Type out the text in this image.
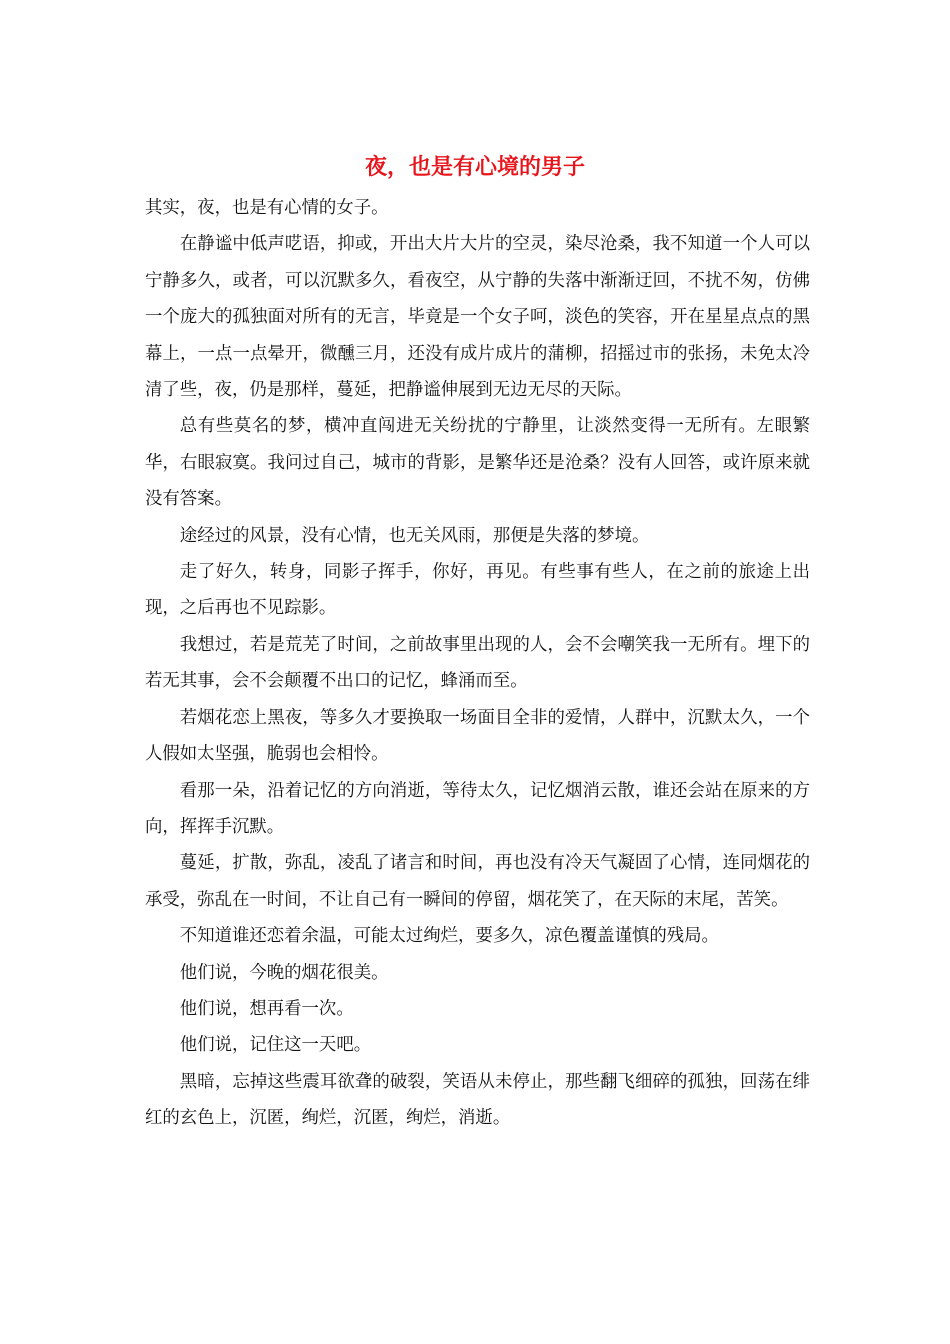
夜，也是有心境的男子

其实，夜，也是有心情的女子。

在静谧中低声呓语，抑或，开出大片大片的空灵，染尽沧桑，我不知道一个人可以宁静多久，或者，可以沉默多久，看夜空，从宁静的失落中渐渐迂回，不扰不匆，仿佛一个庞大的孤独面对所有的无言，毕竟是一个女子呵，淡色的笑容，开在星星点点的黑幕上，一点一点晕开，微醺三月，还没有成片成片的蒲柳，招摇过市的张扬，未免太冷清了些，夜，仍是那样，蔓延，把静谧伸展到无边无尽的天际。

总有些莫名的梦，横冲直闯进无关纷扰的宁静里，让淡然变得一无所有。左眼繁华，右眼寂寞。我问过自己，城市的背影，是繁华还是沧桑？没有人回答，或许原来就没有答案。

途经过的风景，没有心情，也无关风雨，那便是失落的梦境。

走了好久，转身，同影子挥手，你好，再见。有些事有些人，在之前的旅途上出现，之后再也不见踪影。

我想过，若是荒芜了时间，之前故事里出现的人，会不会嘲笑我一无所有。埋下的若无其事，会不会颠覆不出口的记忆，蜂涌而至。

若烟花恋上黑夜，等多久才要换取一场面目全非的爱情，人群中，沉默太久，一个人假如太坚强，脆弱也会相怜。

看那一朵，沿着记忆的方向消逝，等待太久，记忆烟消云散，谁还会站在原来的方向，挥挥手沉默。

蔓延，扩散，弥乱，凌乱了诸言和时间，再也没有冷天气凝固了心情，连同烟花的承受，弥乱在一时间，不让自己有一瞬间的停留，烟花笑了，在天际的末尾，苦笑。

不知道谁还恋着余温，可能太过绚烂，要多久，凉色覆盖谨慎的残局。

他们说，今晚的烟花很美。

他们说，想再看一次。

他们说，记住这一天吧。

黑暗，忘掉这些震耳欲聋的破裂，笑语从未停止，那些翻飞细碎的孤独，回荡在绯红的玄色上，沉匿，绚烂，沉匿，绚烂，消逝。
